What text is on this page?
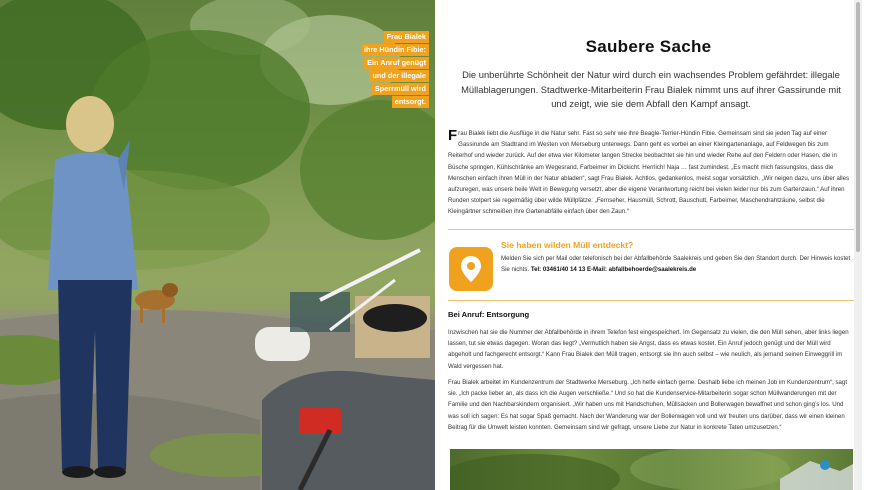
Frau Bialek
ihre Hündin Fibie:
Ein Anruf genügt
und der illegale
Sperrmüll wird
entsorgt.
Saubere Sache

Die unberührte Schönheit der Natur wird durch ein wachsendes Problem gefährdet: illegale Müllablagerungen. Stadtwerke-Mitarbeiterin Frau Bialek nimmt uns auf ihrer Gassirunde mit und zeigt, wie sie dem Abfall den Kampf ansagt.

Frau Bialek liebt die Ausflüge in die Natur sehr. Fast so sehr wie ihre Beagle-Terrier-Hündin Fibie. Gemeinsam sind sie jeden Tag auf einer Gassirunde am Stadtrand im Westen von Merseburg unterwegs. Dann geht es vorbei an einer Kleingartenanlage, auf Feldwegen bis zum Reiterhof und wieder zurück. Auf der etwa vier Kilometer langen Strecke beobachtet sie hin und wieder Rehe auf den Feldern oder Hasen, die in Büsche springen, Kühlschränke am Wegesrand, Farbeimer im Dickicht. Herrlich! Naja … fast zumindest. „Es macht mich fassungslos, dass die Menschen einfach ihren Müll in der Natur abladen“, sagt Frau Bialek. Achtlos, gedankenlos, meist sogar vorsätzlich. „Wir neigen dazu, uns über alles aufzuregen, was unsere heile Welt in Bewegung versetzt, aber die eigene Verantwortung reicht bei vielen leider nur bis zum Gartenzaun.“ Auf ihren Runden stolpert sie regelmäßig über wilde Müllplätze: „Fernseher, Hausmüll, Schrott, Bauschutt, Farbeimer, Maschendrahtzäune, selbst die Kleingärtner schmeißen ihre Gartenabfälle einfach über den Zaun.“

Sie haben wilden Müll entdeckt?

Melden Sie sich per Mail oder telefonisch bei der Abfallbehörde Saalekreis und geben Sie den Standort durch. Der Hinweis kostet Sie nichts. Tel: 03461/40 14 13 E-Mail: abfallbehoerde@saalekreis.de

Bei Anruf: Entsorgung

Inzwischen hat sie die Nummer der Abfallbehörde in ihrem Telefon fest eingespeichert. Im Gegensatz zu vielen, die den Müll sehen, aber links liegen lassen, tut sie etwas dagegen. Woran das liegt? „Vermutlich haben sie Angst, dass es etwas kostet. Ein Anruf jedoch genügt und der Müll wird abgeholt und fachgerecht entsorgt.“ Kann Frau Bialek den Müll tragen, entsorgt sie ihn auch selbst – wie neulich, als jemand seinen Einweggrill im Wald vergessen hat.

Frau Bialek arbeitet im Kundenzentrum der Stadtwerke Merseburg. „Ich helfe einfach gerne. Deshalb liebe ich meinen Job im Kundenzentrum“, sagt sie. „Ich packe lieber an, als dass ich die Augen verschließe.“ Und so hat die Kundenservice-Mitarbeiterin sogar schon Müllwanderungen mit der Familie und den Nachbarskindern organisiert. „Wir haben uns mit Handschuhen, Müllsäcken und Bollerwagen bewaffnet und schon ging’s los. Und was soll ich sagen: Es hat sogar Spaß gemacht. Nach der Wanderung war der Bollerwagen voll und wir freuten uns darüber, dass wir einen kleinen Beitrag für die Umwelt leisten konnten. Gemeinsam sind wir gefragt, unsere Liebe zur Natur in konkrete Taten umzusetzen.“
